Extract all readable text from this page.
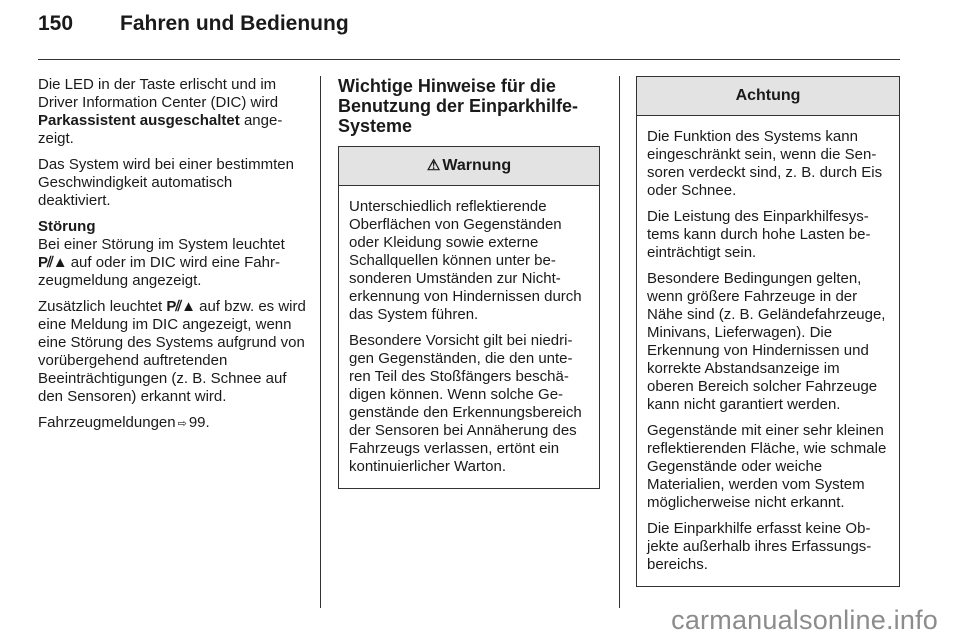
150	Fahren und Bedienung

Die LED in der Taste erlischt und im Driver Information Center (DIC) wird Parkassistent ausgeschaltet angezeigt.

Das System wird bei einer bestimmten Geschwindigkeit automatisch deaktiviert.

Störung

Bei einer Störung im System leuchtet P⫽▲ auf oder im DIC wird eine Fahrzeugmeldung angezeigt.

Zusätzlich leuchtet P⫽▲ auf bzw. es wird eine Meldung im DIC angezeigt, wenn eine Störung des Systems aufgrund von vorübergehend auftretenden Beeinträchtigungen (z. B. Schnee auf den Sensoren) erkannt wird.

Fahrzeugmeldungen ⇨ 99.

Wichtige Hinweise für die Benutzung der Einparkhilfe-Systeme
⚠ Warnung

Unterschiedlich reflektierende Oberflächen von Gegenständen oder Kleidung sowie externe Schallquellen können unter besonderen Umständen zur Nichterkennung von Hindernissen durch das System führen.

Besondere Vorsicht gilt bei niedrigen Gegenständen, die den unteren Teil des Stoßfängers beschädigen können. Wenn solche Gegenstände den Erkennungsbereich der Sensoren bei Annäherung des Fahrzeugs verlassen, ertönt ein kontinuierlicher Warton.

Achtung

Die Funktion des Systems kann eingeschränkt sein, wenn die Sensoren verdeckt sind, z. B. durch Eis oder Schnee.

Die Leistung des Einparkhilfesystems kann durch hohe Lasten beeinträchtigt sein.

Besondere Bedingungen gelten, wenn größere Fahrzeuge in der Nähe sind (z. B. Geländefahrzeuge, Minivans, Lieferwagen). Die Erkennung von Hindernissen und korrekte Abstandsanzeige im oberen Bereich solcher Fahrzeuge kann nicht garantiert werden.

Gegenstände mit einer sehr kleinen reflektierenden Fläche, wie schmale Gegenstände oder weiche Materialien, werden vom System möglicherweise nicht erkannt.

Die Einparkhilfe erfasst keine Objekte außerhalb ihres Erfassungsbereichs.

carmanualsonline.info
